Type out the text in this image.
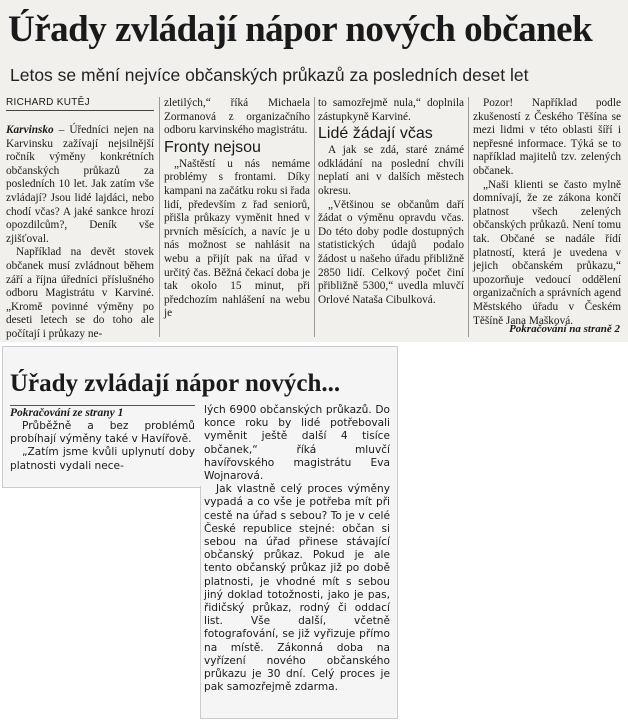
Úřady zvládají nápor nových občanek
Letos se mění nejvíce občanských průkazů za posledních deset let
RICHARD KUTĚJ

Karvinsko – Úředníci nejen na Karvinsku zažívají nejsilnější ročník výměny konkrétních občanských průkazů za posledních 10 let. Jak zatím vše zvládají? Jsou lidé lajdáci, nebo chodí včas? A jaké sankce hrozí opozdilcům?, Deník vše zjišťoval.

Například na devět stovek občanek musí zvládnout během září a října úředníci příslušného odboru Magistrátu v Karviné. „Kromě povinné výměny po deseti letech se do toho ale počítají i průkazy ne-

zletilých,“ říká Michaela Zormanová z organizačního odboru karvinského magistrátu.

Fronty nejsou

„Naštěstí u nás nemáme problémy s frontami. Díky kampani na začátku roku si řada lidí, především z řad seniorů, přišla průkazy vyměnit hned v prvních měsících, a navíc je u nás možnost se nahlásit na webu a přijít pak na úřad v určitý čas. Běžná čekací doba je tak okolo 15 minut, při předchozím nahlášení na webu je

to samozřejmě nula,“ doplnila zástupkyně Karviné.

Lidé žádají včas

A jak se zdá, staré známé odkládání na poslední chvíli neplatí ani v dalších městech okresu.

„Většinou se občanům daří žádat o výměnu opravdu včas. Do této doby podle dostupných statistických údajů podalo žádost u našeho úřadu přibližně 2850 lidí. Celkový počet činí přibližně 5300,“ uvedla mluvčí Orlové Nataša Cibulková.

Pozor! Například podle zkušeností z Českého Těšína se mezi lidmi v této oblasti šíří i nepřesné informace. Týká se to například majitelů tzv. zelených občanek.

„Naši klienti se často mylně domnívají, že ze zákona končí platnost všech zelených občanských průkazů. Není tomu tak. Občané se nadále řídí platností, která je uvedena v jejich občanském průkazu,“ upozorňuje vedoucí oddělení organizačních a správních agend Městského úřadu v Českém Těšíně Jana Mašková.

Pokračování na straně 2
Úřady zvládají nápor nových...
Pokračování ze strany 1

Průběžně a bez problémů probíhají výměny také v Havířově.

„Zatím jsme kvůli uplynutí doby platnosti vydali nece-

lých 6900 občanských průkazů. Do konce roku by lidé potřebovali vyměnit ještě další 4 tisíce občanek,“ říká mluvčí havířovského magistrátu Eva Wojnarová.

Jak vlastně celý proces výměny vypadá a co vše je potřeba mít při cestě na úřad s sebou? To je v celé České republice stejné: občan si sebou na úřad přinese stávající občanský průkaz. Pokud je ale tento občanský průkaz již po době platnosti, je vhodné mít s sebou jiný doklad totožnosti, jako je pas, řidičský průkaz, rodný či oddací list. Vše další, včetně fotografování, se již vyřizuje přímo na místě. Zákonná doba na vyřízení nového občanského průkazu je 30 dní. Celý proces je pak samozřejmě zdarma.
